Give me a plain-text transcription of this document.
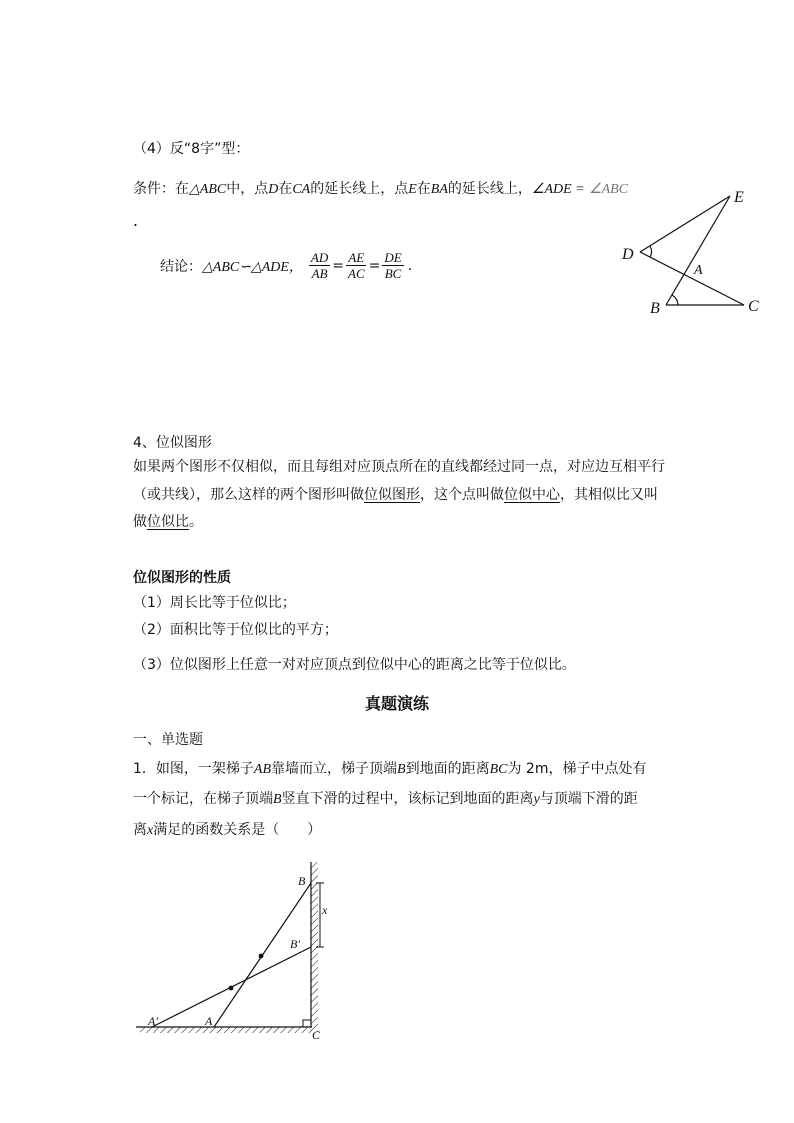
（4）反“8字”型：
条件：在△ABC中，点D在CA的延长线上，点E在BA的延长线上，∠ADE = ∠ABC
.
结论： △ABC∽△ADE， $\frac{AD}{AB} = \frac{AE}{AC} = \frac{DE}{BC}$ .
E
D
A
B	C
4、位似图形
如果两个图形不仅相似，而且每组对应顶点所在的直线都经过同一点，对应边互相平行
（或共线），那么这样的两个图形叫做位似图形，这个点叫做位似中心，其相似比又叫
做位似比。
位似图形的性质
（1）周长比等于位似比；
（2）面积比等于位似比的平方；
（3）位似图形上任意一对对应顶点到位似中心的距离之比等于位似比。
真题演练
一、单选题
1．如图，一架梯子AB靠墙而立，梯子顶端B到地面的距离BC为 2m，梯子中点处有
一个标记，在梯子顶端B竖直下滑的过程中，该标记到地面的距离y与顶端下滑的距
离x满足的函数关系是（　　）
B
B′
x
A′	A
C
